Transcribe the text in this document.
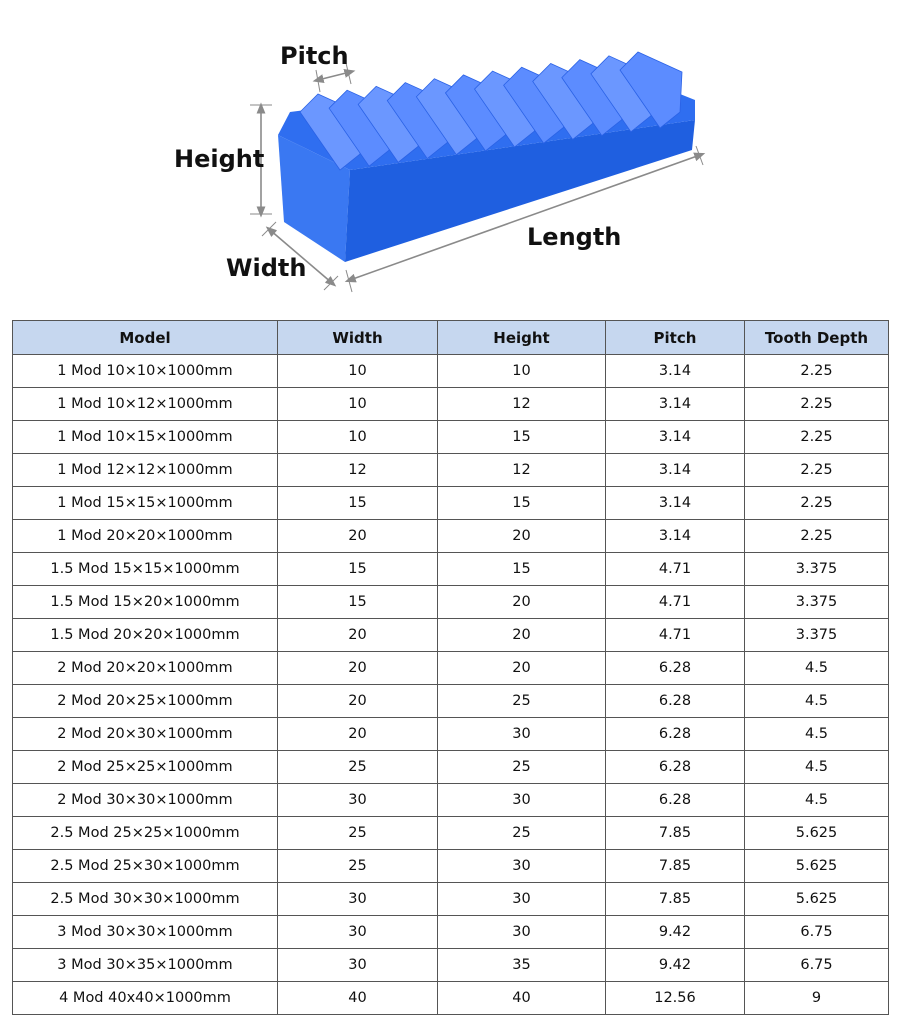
Pitch
Height
Width
Length
Model	Width	Height	Pitch	Tooth Depth
1 Mod 10×10×1000mm	10	10	3.14	2.25
1 Mod 10×12×1000mm	10	12	3.14	2.25
1 Mod 10×15×1000mm	10	15	3.14	2.25
1 Mod 12×12×1000mm	12	12	3.14	2.25
1 Mod 15×15×1000mm	15	15	3.14	2.25
1 Mod 20×20×1000mm	20	20	3.14	2.25
1.5 Mod 15×15×1000mm	15	15	4.71	3.375
1.5 Mod 15×20×1000mm	15	20	4.71	3.375
1.5 Mod 20×20×1000mm	20	20	4.71	3.375
2 Mod 20×20×1000mm	20	20	6.28	4.5
2 Mod 20×25×1000mm	20	25	6.28	4.5
2 Mod 20×30×1000mm	20	30	6.28	4.5
2 Mod 25×25×1000mm	25	25	6.28	4.5
2 Mod 30×30×1000mm	30	30	6.28	4.5
2.5 Mod 25×25×1000mm	25	25	7.85	5.625
2.5 Mod 25×30×1000mm	25	30	7.85	5.625
2.5 Mod 30×30×1000mm	30	30	7.85	5.625
3 Mod 30×30×1000mm	30	30	9.42	6.75
3 Mod 30×35×1000mm	30	35	9.42	6.75
4 Mod 40x40×1000mm	40	40	12.56	9
